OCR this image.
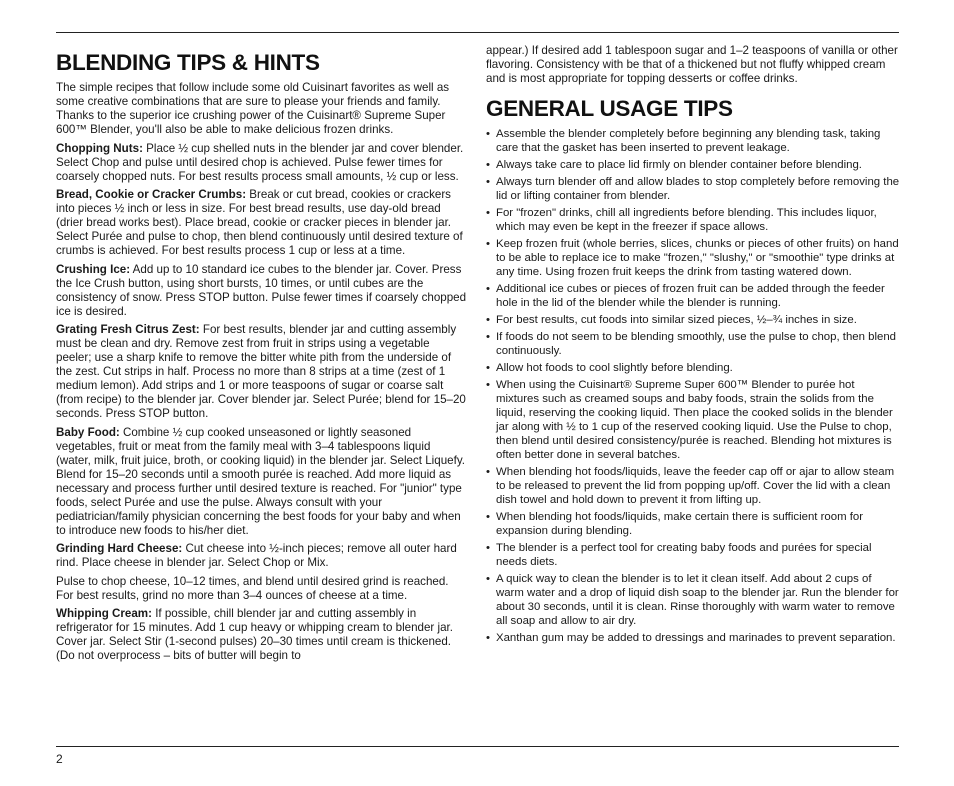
BLENDING TIPS & HINTS

The simple recipes that follow include some old Cuisinart favorites as well as some creative combinations that are sure to please your friends and family. Thanks to the superior ice crushing power of the Cuisinart® Supreme Super 600™ Blender, you'll also be able to make delicious frozen drinks.

Chopping Nuts: Place ½ cup shelled nuts in the blender jar and cover blender. Select Chop and pulse until desired chop is achieved. Pulse fewer times for coarsely chopped nuts. For best results process small amounts, ½ cup or less.

Bread, Cookie or Cracker Crumbs: Break or cut bread, cookies or crackers into pieces ½ inch or less in size. For best bread results, use day-old bread (drier bread works best). Place bread, cookie or cracker pieces in blender jar. Select Purée and pulse to chop, then blend continuously until desired texture of crumbs is achieved. For best results process 1 cup or less at a time.

Crushing Ice: Add up to 10 standard ice cubes to the blender jar. Cover. Press the Ice Crush button, using short bursts, 10 times, or until cubes are the consistency of snow. Press STOP button. Pulse fewer times if coarsely chopped ice is desired.

Grating Fresh Citrus Zest: For best results, blender jar and cutting assembly must be clean and dry. Remove zest from fruit in strips using a vegetable peeler; use a sharp knife to remove the bitter white pith from the underside of the zest. Cut strips in half. Process no more than 8 strips at a time (zest of 1 medium lemon). Add strips and 1 or more teaspoons of sugar or coarse salt (from recipe) to the blender jar. Cover blender jar. Select Purée; blend for 15–20 seconds. Press STOP button.

Baby Food: Combine ½ cup cooked unseasoned or lightly seasoned vegetables, fruit or meat from the family meal with 3–4 tablespoons liquid (water, milk, fruit juice, broth, or cooking liquid) in the blender jar. Select Liquefy. Blend for 15–20 seconds until a smooth purée is reached. Add more liquid as necessary and process further until desired texture is reached. For "junior" type foods, select Purée and use the pulse. Always consult with your pediatrician/family physician concerning the best foods for your baby and when to introduce new foods to his/her diet.

Grinding Hard Cheese: Cut cheese into ½-inch pieces; remove all outer hard rind. Place cheese in blender jar. Select Chop or Mix.

Pulse to chop cheese, 10–12 times, and blend until desired grind is reached. For best results, grind no more than 3–4 ounces of cheese at a time.

Whipping Cream: If possible, chill blender jar and cutting assembly in refrigerator for 15 minutes. Add 1 cup heavy or whipping cream to blender jar. Cover jar. Select Stir (1-second pulses) 20–30 times until cream is thickened. (Do not overprocess – bits of butter will begin to

appear.) If desired add 1 tablespoon sugar and 1–2 teaspoons of vanilla or other flavoring. Consistency with be that of a thickened but not fluffy whipped cream and is most appropriate for topping desserts or coffee drinks.

GENERAL USAGE TIPS
• Assemble the blender completely before beginning any blending task, taking care that the gasket has been inserted to prevent leakage.
• Always take care to place lid firmly on blender container before blending.
• Always turn blender off and allow blades to stop completely before removing the lid or lifting container from blender.
• For "frozen" drinks, chill all ingredients before blending. This includes liquor, which may even be kept in the freezer if space allows.
• Keep frozen fruit (whole berries, slices, chunks or pieces of other fruits) on hand to be able to replace ice to make "frozen," "slushy," or "smoothie" type drinks at any time. Using frozen fruit keeps the drink from tasting watered down.
• Additional ice cubes or pieces of frozen fruit can be added through the feeder hole in the lid of the blender while the blender is running.
• For best results, cut foods into similar sized pieces, ½–¾ inches in size.
• If foods do not seem to be blending smoothly, use the pulse to chop, then blend continuously.
• Allow hot foods to cool slightly before blending.
• When using the Cuisinart® Supreme Super 600™ Blender to purée hot mixtures such as creamed soups and baby foods, strain the solids from the liquid, reserving the cooking liquid. Then place the cooked solids in the blender jar along with ½ to 1 cup of the reserved cooking liquid. Use the Pulse to chop, then blend until desired consistency/purée is reached. Blending hot mixtures is often better done in several batches.
• When blending hot foods/liquids, leave the feeder cap off or ajar to allow steam to be released to prevent the lid from popping up/off. Cover the lid with a clean dish towel and hold down to prevent it from lifting up.
• When blending hot foods/liquids, make certain there is sufficient room for expansion during blending.
• The blender is a perfect tool for creating baby foods and purées for special needs diets.
• A quick way to clean the blender is to let it clean itself. Add about 2 cups of warm water and a drop of liquid dish soap to the blender jar. Run the blender for about 30 seconds, until it is clean. Rinse thoroughly with warm water to remove all soap and allow to air dry.
• Xanthan gum may be added to dressings and marinades to prevent separation.
2
